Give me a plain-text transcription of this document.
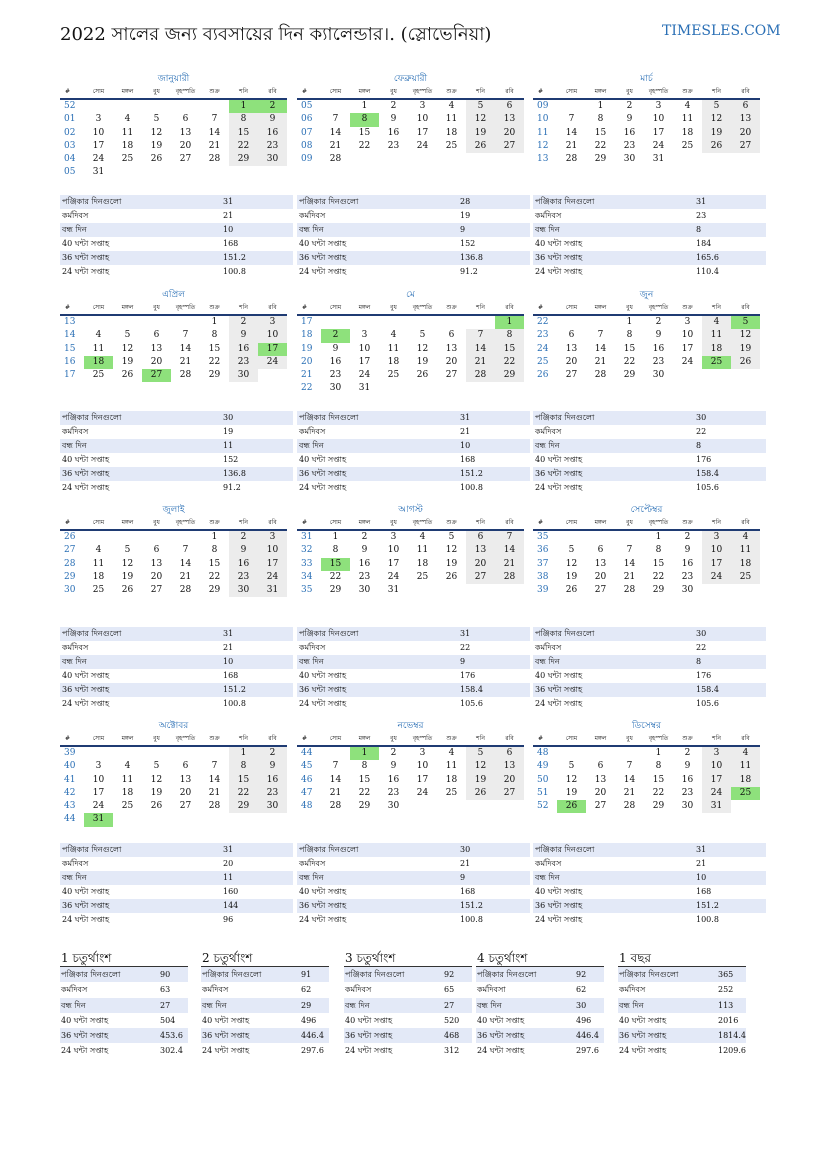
2022 সালের জন্য ব্যবসায়ের দিন ক্যালেন্ডার।. (স্লোভেনিয়া)	TIMESLES.COM
জানুয়ারী
#	সোম	মঙ্গল	বুধ	বৃহস্পতি	শুক্র	শনি	রবি
52						1	2
01	3	4	5	6	7	8	9
02	10	11	12	13	14	15	16
03	17	18	19	20	21	22	23
04	24	25	26	27	28	29	30
05	31						
পঞ্জিকার দিনগুলো	31
কর্মদিবস	21
বন্ধ দিন	10
40 ঘন্টা সপ্তাহ	168
36 ঘন্টা সপ্তাহ	151.2
24 ঘন্টা সপ্তাহ	100.8
ফেব্রুয়ারী
#	সোম	মঙ্গল	বুধ	বৃহস্পতি	শুক্র	শনি	রবি
05		1	2	3	4	5	6
06	7	8	9	10	11	12	13
07	14	15	16	17	18	19	20
08	21	22	23	24	25	26	27
09	28						
পঞ্জিকার দিনগুলো	28
কর্মদিবস	19
বন্ধ দিন	9
40 ঘন্টা সপ্তাহ	152
36 ঘন্টা সপ্তাহ	136.8
24 ঘন্টা সপ্তাহ	91.2
মার্চ
#	সোম	মঙ্গল	বুধ	বৃহস্পতি	শুক্র	শনি	রবি
09		1	2	3	4	5	6
10	7	8	9	10	11	12	13
11	14	15	16	17	18	19	20
12	21	22	23	24	25	26	27
13	28	29	30	31			
পঞ্জিকার দিনগুলো	31
কর্মদিবস	23
বন্ধ দিন	8
40 ঘন্টা সপ্তাহ	184
36 ঘন্টা সপ্তাহ	165.6
24 ঘন্টা সপ্তাহ	110.4
এপ্রিল
#	সোম	মঙ্গল	বুধ	বৃহস্পতি	শুক্র	শনি	রবি
13					1	2	3
14	4	5	6	7	8	9	10
15	11	12	13	14	15	16	17
16	18	19	20	21	22	23	24
17	25	26	27	28	29	30	
পঞ্জিকার দিনগুলো	30
কর্মদিবস	19
বন্ধ দিন	11
40 ঘন্টা সপ্তাহ	152
36 ঘন্টা সপ্তাহ	136.8
24 ঘন্টা সপ্তাহ	91.2
মে
#	সোম	মঙ্গল	বুধ	বৃহস্পতি	শুক্র	শনি	রবি
17							1
18	2	3	4	5	6	7	8
19	9	10	11	12	13	14	15
20	16	17	18	19	20	21	22
21	23	24	25	26	27	28	29
22	30	31					
পঞ্জিকার দিনগুলো	31
কর্মদিবস	21
বন্ধ দিন	10
40 ঘন্টা সপ্তাহ	168
36 ঘন্টা সপ্তাহ	151.2
24 ঘন্টা সপ্তাহ	100.8
জুন
#	সোম	মঙ্গল	বুধ	বৃহস্পতি	শুক্র	শনি	রবি
22			1	2	3	4	5
23	6	7	8	9	10	11	12
24	13	14	15	16	17	18	19
25	20	21	22	23	24	25	26
26	27	28	29	30			
পঞ্জিকার দিনগুলো	30
কর্মদিবস	22
বন্ধ দিন	8
40 ঘন্টা সপ্তাহ	176
36 ঘন্টা সপ্তাহ	158.4
24 ঘন্টা সপ্তাহ	105.6
জুলাই
#	সোম	মঙ্গল	বুধ	বৃহস্পতি	শুক্র	শনি	রবি
26					1	2	3
27	4	5	6	7	8	9	10
28	11	12	13	14	15	16	17
29	18	19	20	21	22	23	24
30	25	26	27	28	29	30	31
পঞ্জিকার দিনগুলো	31
কর্মদিবস	21
বন্ধ দিন	10
40 ঘন্টা সপ্তাহ	168
36 ঘন্টা সপ্তাহ	151.2
24 ঘন্টা সপ্তাহ	100.8
আগস্ট
#	সোম	মঙ্গল	বুধ	বৃহস্পতি	শুক্র	শনি	রবি
31	1	2	3	4	5	6	7
32	8	9	10	11	12	13	14
33	15	16	17	18	19	20	21
34	22	23	24	25	26	27	28
35	29	30	31				
পঞ্জিকার দিনগুলো	31
কর্মদিবস	22
বন্ধ দিন	9
40 ঘন্টা সপ্তাহ	176
36 ঘন্টা সপ্তাহ	158.4
24 ঘন্টা সপ্তাহ	105.6
সেপ্টেম্বর
#	সোম	মঙ্গল	বুধ	বৃহস্পতি	শুক্র	শনি	রবি
35				1	2	3	4
36	5	6	7	8	9	10	11
37	12	13	14	15	16	17	18
38	19	20	21	22	23	24	25
39	26	27	28	29	30		
পঞ্জিকার দিনগুলো	30
কর্মদিবস	22
বন্ধ দিন	8
40 ঘন্টা সপ্তাহ	176
36 ঘন্টা সপ্তাহ	158.4
24 ঘন্টা সপ্তাহ	105.6
অক্টোবর
#	সোম	মঙ্গল	বুধ	বৃহস্পতি	শুক্র	শনি	রবি
39						1	2
40	3	4	5	6	7	8	9
41	10	11	12	13	14	15	16
42	17	18	19	20	21	22	23
43	24	25	26	27	28	29	30
44	31						
পঞ্জিকার দিনগুলো	31
কর্মদিবস	20
বন্ধ দিন	11
40 ঘন্টা সপ্তাহ	160
36 ঘন্টা সপ্তাহ	144
24 ঘন্টা সপ্তাহ	96
নভেম্বর
#	সোম	মঙ্গল	বুধ	বৃহস্পতি	শুক্র	শনি	রবি
44		1	2	3	4	5	6
45	7	8	9	10	11	12	13
46	14	15	16	17	18	19	20
47	21	22	23	24	25	26	27
48	28	29	30				
পঞ্জিকার দিনগুলো	30
কর্মদিবস	21
বন্ধ দিন	9
40 ঘন্টা সপ্তাহ	168
36 ঘন্টা সপ্তাহ	151.2
24 ঘন্টা সপ্তাহ	100.8
ডিসেম্বর
#	সোম	মঙ্গল	বুধ	বৃহস্পতি	শুক্র	শনি	রবি
48				1	2	3	4
49	5	6	7	8	9	10	11
50	12	13	14	15	16	17	18
51	19	20	21	22	23	24	25
52	26	27	28	29	30	31	
পঞ্জিকার দিনগুলো	31
কর্মদিবস	21
বন্ধ দিন	10
40 ঘন্টা সপ্তাহ	168
36 ঘন্টা সপ্তাহ	151.2
24 ঘন্টা সপ্তাহ	100.8
1 চতুর্থাংশ
পঞ্জিকার দিনগুলো	90
কর্মদিবস	63
বন্ধ দিন	27
40 ঘন্টা সপ্তাহ	504
36 ঘন্টা সপ্তাহ	453.6
24 ঘন্টা সপ্তাহ	302.4
2 চতুর্থাংশ
পঞ্জিকার দিনগুলো	91
কর্মদিবস	62
বন্ধ দিন	29
40 ঘন্টা সপ্তাহ	496
36 ঘন্টা সপ্তাহ	446.4
24 ঘন্টা সপ্তাহ	297.6
3 চতুর্থাংশ
পঞ্জিকার দিনগুলো	92
কর্মদিবস	65
বন্ধ দিন	27
40 ঘন্টা সপ্তাহ	520
36 ঘন্টা সপ্তাহ	468
24 ঘন্টা সপ্তাহ	312
4 চতুর্থাংশ
পঞ্জিকার দিনগুলো	92
কর্মদিবসা	62
বন্ধ দিন	30
40 ঘন্টা সপ্তাহ	496
36 ঘন্টা সপ্তাহ	446.4
24 ঘন্টা সপ্তাহ	297.6
1 বছর
পঞ্জিকার দিনগুলো	365
কর্মদিবস	252
বন্ধ দিন	113
40 ঘন্টা সপ্তাহ	2016
36 ঘন্টা সপ্তাহ	1814.4
24 ঘন্টা সপ্তাহ	1209.6
